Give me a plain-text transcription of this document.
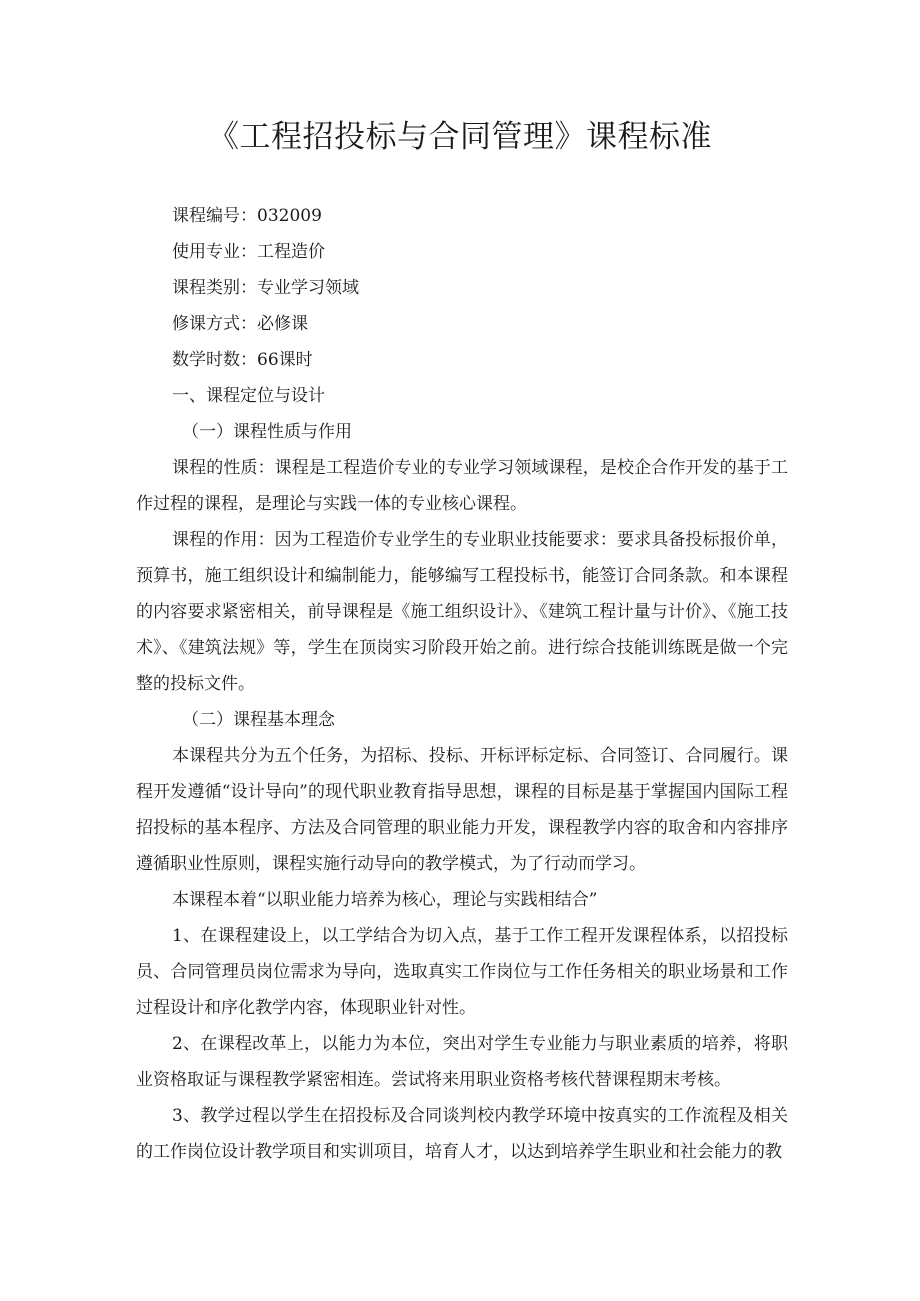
《工程招投标与合同管理》课程标准

课程编号：032009

使用专业：工程造价

课程类别：专业学习领域

修课方式：必修课

数学时数：66课时

一、课程定位与设计

（一）课程性质与作用

课程的性质：课程是工程造价专业的专业学习领域课程，是校企合作开发的基于工作过程的课程，是理论与实践一体的专业核心课程。

课程的作用：因为工程造价专业学生的专业职业技能要求：要求具备投标报价单，预算书，施工组织设计和编制能力，能够编写工程投标书，能签订合同条款。和本课程的内容要求紧密相关，前导课程是《施工组织设计》、《建筑工程计量与计价》、《施工技术》、《建筑法规》等，学生在顶岗实习阶段开始之前。进行综合技能训练既是做一个完整的投标文件。

（二）课程基本理念

本课程共分为五个任务，为招标、投标、开标评标定标、合同签订、合同履行。课程开发遵循“设计导向”的现代职业教育指导思想，课程的目标是基于掌握国内国际工程招投标的基本程序、方法及合同管理的职业能力开发，课程教学内容的取舍和内容排序遵循职业性原则，课程实施行动导向的教学模式，为了行动而学习。

本课程本着“以职业能力培养为核心，理论与实践相结合”

1、在课程建设上，以工学结合为切入点，基于工作工程开发课程体系，以招投标员、合同管理员岗位需求为导向，选取真实工作岗位与工作任务相关的职业场景和工作过程设计和序化教学内容，体现职业针对性。

2、在课程改革上，以能力为本位，突出对学生专业能力与职业素质的培养，将职业资格取证与课程教学紧密相连。尝试将来用职业资格考核代替课程期末考核。

3、教学过程以学生在招投标及合同谈判校内教学环境中按真实的工作流程及相关的工作岗位设计教学项目和实训项目，培育人才，以达到培养学生职业和社会能力的教
